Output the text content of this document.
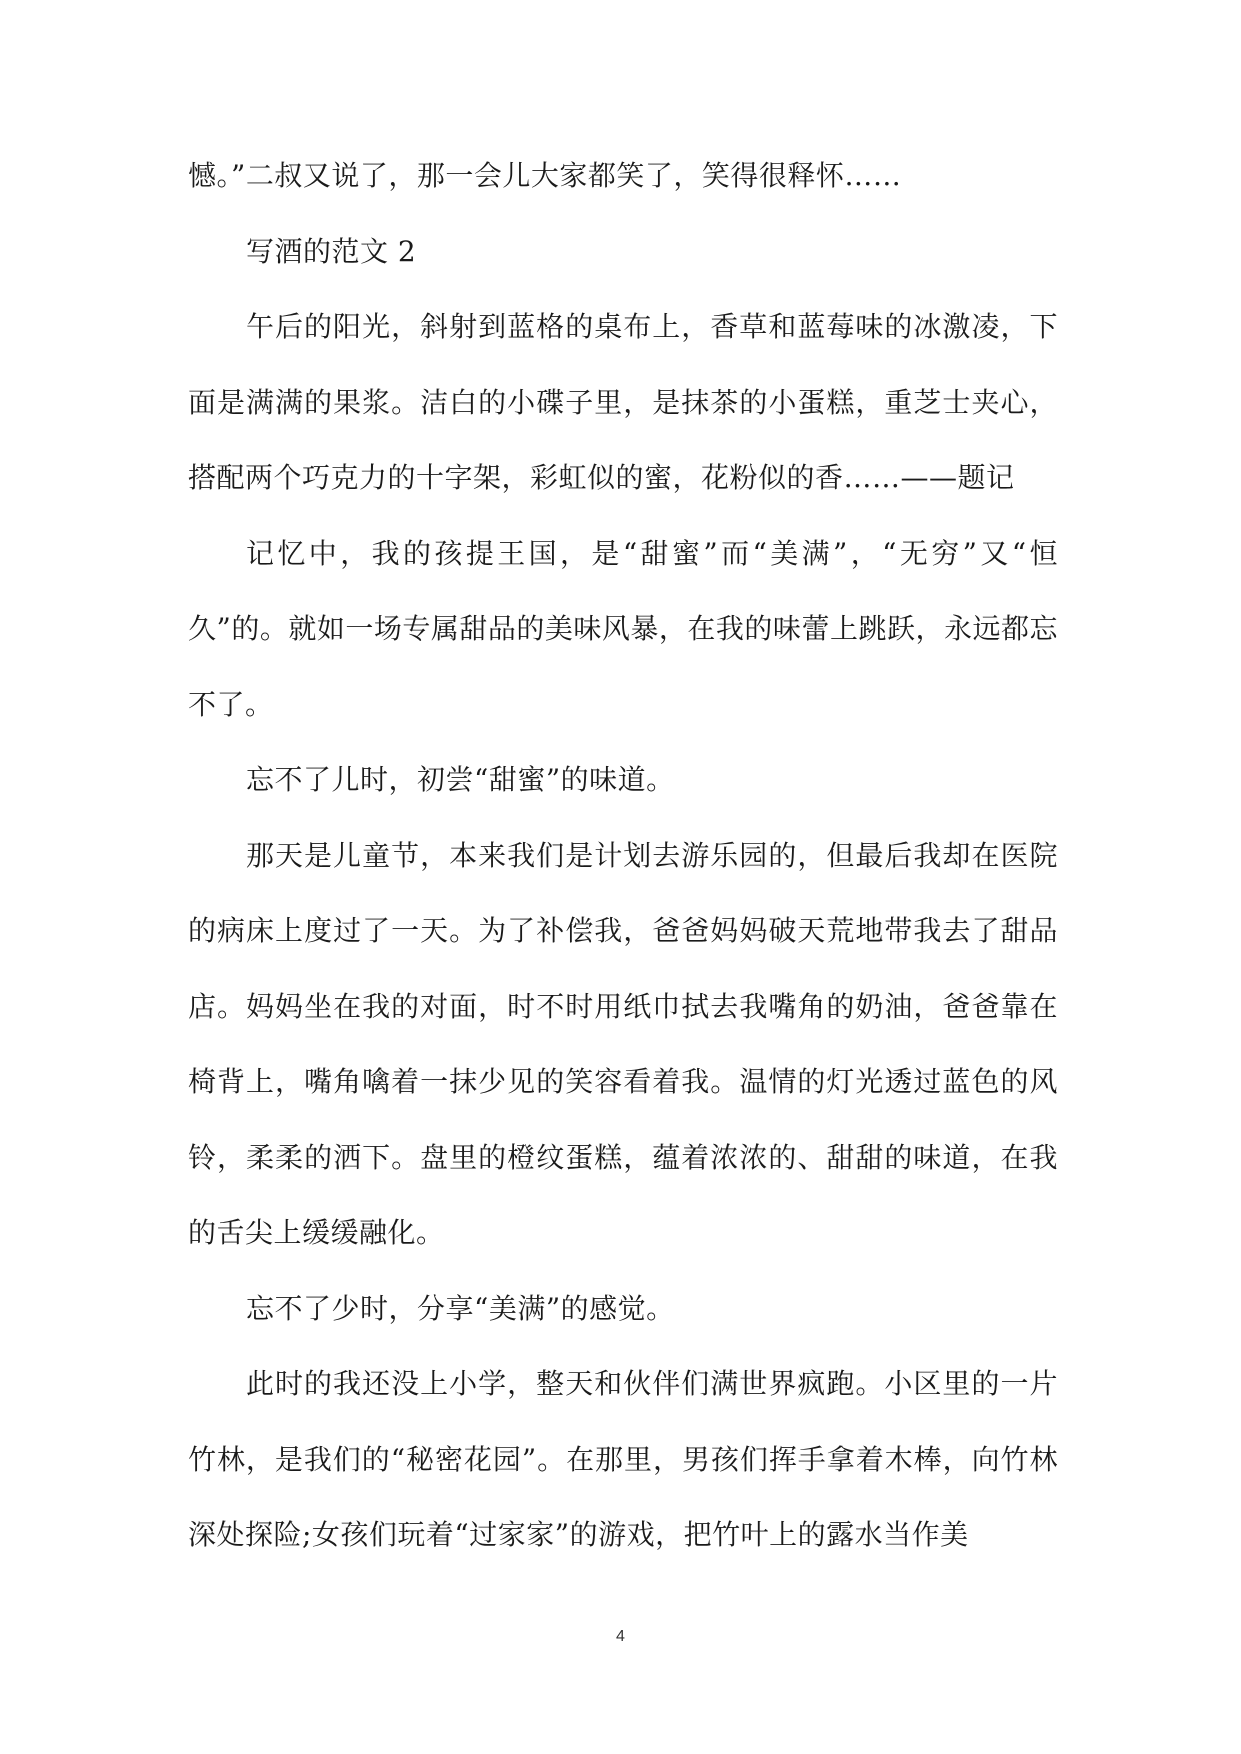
憾。”二叔又说了，那一会儿大家都笑了，笑得很释怀……

写酒的范文 2

午后的阳光，斜射到蓝格的桌布上，香草和蓝莓味的冰激凌，下面是满满的果浆。洁白的小碟子里，是抹茶的小蛋糕，重芝士夹心，搭配两个巧克力的十字架，彩虹似的蜜，花粉似的香……——题记

记忆中，我的孩提王国，是“甜蜜”而“美满”，“无穷”又“恒久”的。就如一场专属甜品的美味风暴，在我的味蕾上跳跃，永远都忘不了。

忘不了儿时，初尝“甜蜜”的味道。

那天是儿童节，本来我们是计划去游乐园的，但最后我却在医院的病床上度过了一天。为了补偿我，爸爸妈妈破天荒地带我去了甜品店。妈妈坐在我的对面，时不时用纸巾拭去我嘴角的奶油，爸爸靠在椅背上，嘴角噙着一抹少见的笑容看着我。温情的灯光透过蓝色的风铃，柔柔的洒下。盘里的橙纹蛋糕，蕴着浓浓的、甜甜的味道，在我的舌尖上缓缓融化。

忘不了少时，分享“美满”的感觉。

此时的我还没上小学，整天和伙伴们满世界疯跑。小区里的一片竹林，是我们的“秘密花园”。在那里，男孩们挥手拿着木棒，向竹林深处探险;女孩们玩着“过家家”的游戏，把竹叶上的露水当作美

4
